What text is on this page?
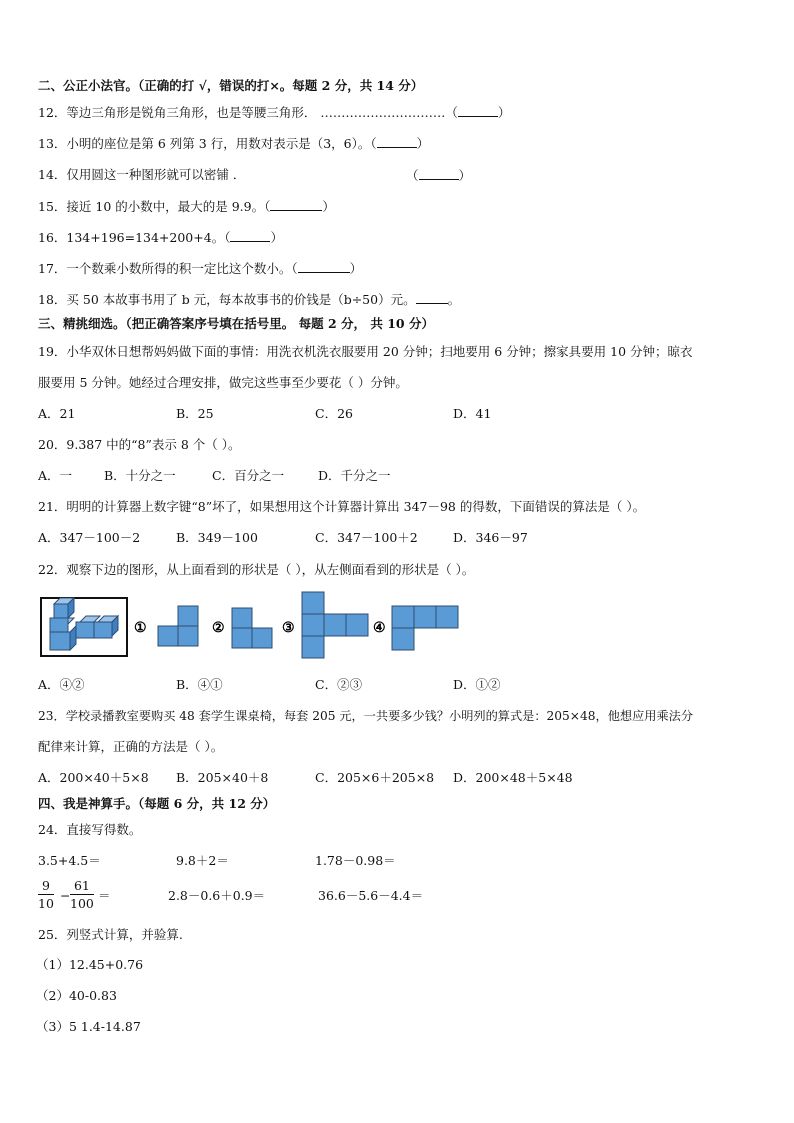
二、公正小法官。（正确的打 √，错误的打×。每题 2 分，共 14 分）
12．等边三角形是锐角三角形，也是等腰三角形． …………………………（	）
13．小明的座位是第 6 列第 3 行，用数对表示是（3，6）。（	）
14．仅用圆这一种图形就可以密铺 ．	（	）
15．接近 10 的小数中，最大的是 9.9。（	）
16．134+196=134+200+4。（	）
17．一个数乘小数所得的积一定比这个数小。（	）
18．买 50 本故事书用了 b 元，每本故事书的价钱是（b÷50）元。	。
三、精挑细选。（把正确答案序号填在括号里。 每题 2 分， 共 10 分）
19．小华双休日想帮妈妈做下面的事情：用洗衣机洗衣服要用 20 分钟；扫地要用 6 分钟；擦家具要用 10 分钟；晾衣
服要用 5 分钟。她经过合理安排，做完这些事至少要花（ ）分钟。
A．21	B．25	C．26	D．41
20．9.387 中的“8”表示 8 个（ ）。
A．一	B．十分之一	C．百分之一	D．千分之一
21．明明的计算器上数字键“8”坏了，如果想用这个计算器计算出 347－98 的得数，下面错误的算法是（ ）。
A．347－100－2	B．349－100	C．347－100＋2	D．346－97
22．观察下边的图形，从上面看到的形状是（ ），从左侧面看到的形状是（ ）。
①	②	③	④
A．④②	B．④①	C．②③	D．①②
23．学校录播教室要购买 48 套学生课桌椅，每套 205 元，一共要多少钱？小明列的算式是：205×48，他想应用乘法分
配律来计算，正确的方法是（ ）。
A．200×40＋5×8 B．205×40＋8	C．205×6＋205×8 D．200×48＋5×48
四、我是神算手。（每题 6 分，共 12 分）
24．直接写得数。
3.5+4.5＝	9.8＋2＝	1.78－0.98＝
$\frac{9}{10} - \frac{61}{100}$ ＝	2.8－0.6＋0.9＝	36.6－5.6－4.4＝
25．列竖式计算，并验算.
（1）12.45+0.76
（2）40-0.83
（3）5 1.4-14.87
